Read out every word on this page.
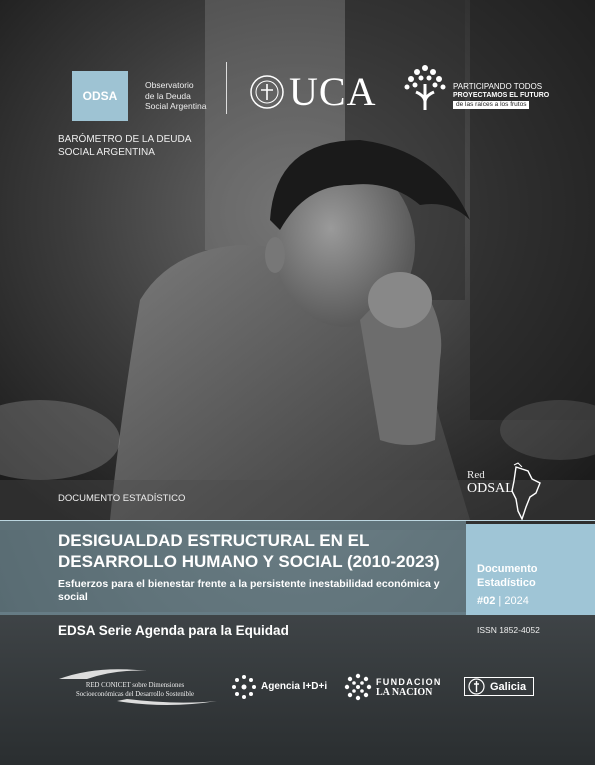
ODSA
Observatorio
de la Deuda
Social Argentina UCA	PARTICIPANDO TODOS
PROYECTAMOS EL FUTURO
de las raíces a los frutos
BARÓMETRO DE LA DEUDA
SOCIAL ARGENTINA
DOCUMENTO ESTADÍSTICO
Red
ODSAL
DESIGUALDAD ESTRUCTURAL EN EL DESARROLLO HUMANO Y SOCIAL (2010-2023)
Esfuerzos para el bienestar frente a la persistente inestabilidad económica y social
Documento
Estadístico
#02 | 2024
EDSA Serie Agenda para la Equidad	ISSN 1852-4052
RED CONICET sobre Dimensiones
Socioeconómicas del Desarrollo Sostenible
Agencia I+D+i	FUNDACION
LA NACION	Galicia
